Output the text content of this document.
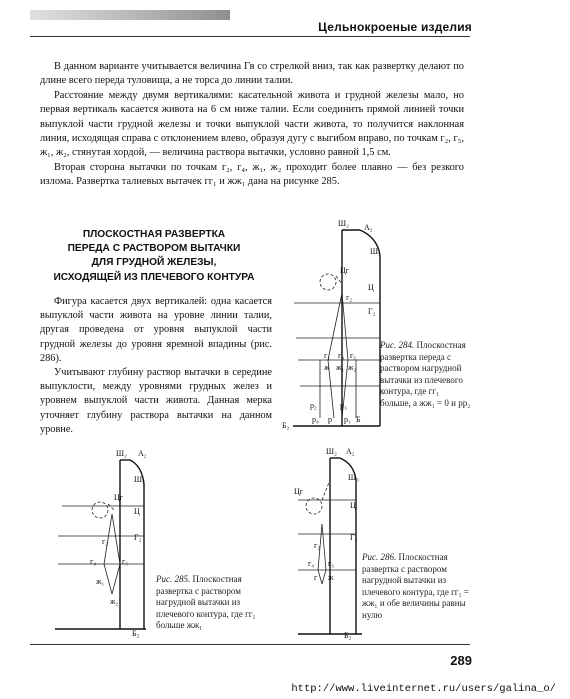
Цельнокроеные изделия

В данном варианте учитывается величина Гв со стрелкой вниз, так как развертку делают по длине всего переда туловища, а не торса до линии талии.

Расстояние между двумя вертикалями: касательной живота и грудной железы мало, но первая вертикаль касается живота на 6 см ниже талии. Если соединить прямой линией точки выпуклой части грудной железы и точки выпуклой части живота, то получится наклонная линия, исходящая справа с отклонением влево, образуя дугу с выгибом вправо, по точкам г₂, г₅, ж₁, ж₂, стянутая хордой, — величина раствора вытачки, условно равной 1,5 см.

Вторая сторона вытачки по точкам г₂, г₄, ж₁, ж₂ проходит более плавно — без резкого излома. Развертка талиевых вытачек гг₁ и жж₁ дана на рисунке 285.

ПЛОСКОСТНАЯ РАЗВЕРТКА
ПЕРЕДА С РАСТВОРОМ ВЫТАЧКИ
ДЛЯ ГРУДНОЙ ЖЕЛЕЗЫ,
ИСХОДЯЩЕЙ ИЗ ПЛЕЧЕВОГО КОНТУРА

Фигура касается двух вертикалей: одна касается выпуклой части живота на уровне линии талии, другая проведена от уровня выпуклой части грудной железы до уровня яремной впадины (рис. 286).

Учитывают глубину раствор вытачки в середине выпуклости, между уровнями грудных желез и уровнем выпуклой части живота. Данная мерка уточняет глубину раствора вытачки на данном уровне.

Ш₂ А₂
Ш₃
Цг
Ц
Г₂
г₂
г₁ г₄ г₅
ж ж₁ ж₂
р₂	р₃
р₄ р р₁ Б
Б₂
Рис. 284. Плоскостная развертка переда с раствором нагрудной вытачки из плечевого контура, где гг₁ больше, а жж₁ = 0 и pp₂
Ш₂ А₂
Ш₃
Цг
Ц
Г₂
г₂
г₄	г₅
ж₁
ж₂
Б₂
Рис. 285. Плоскостная развертка с раствором нагрудной вытачки из плечевого контура, где гг₁ больше жж₁
Ш₂ А₂
Ш₃
Цг
Ц
Г₂
г₂
г₄ г₅
г ж
Б₂
Рис. 286. Плоскостная развертка с раствором нагрудной вытачки из плечевого контура, где гг₁ = жж₁ и обе величины равны нулю
289
http://www.liveinternet.ru/users/galina_o/
